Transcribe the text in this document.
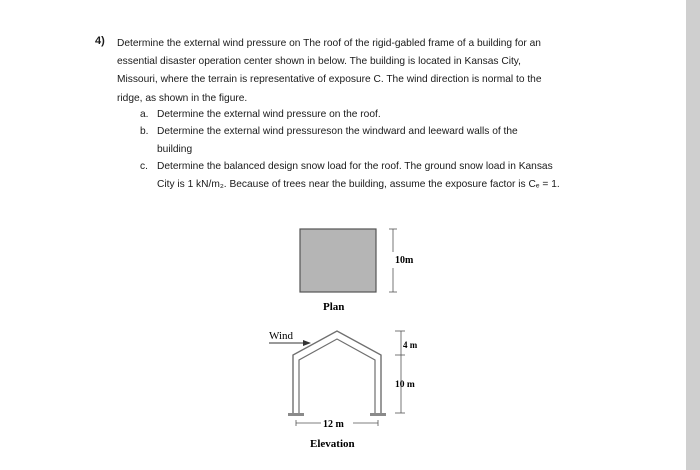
4) Determine the external wind pressure on The roof of the rigid-gabled frame of a building for an
essential disaster operation center shown in below. The building is located in Kansas City,
Missouri, where the terrain is representative of exposure C. The wind direction is normal to the
ridge, as shown in the figure.
a. Determine the external wind pressure on the roof.
b. Determine the external wind pressureson the windward and leeward walls of the
building
c. Determine the balanced design snow load for the roof. The ground snow load in Kansas
City is 1 kN/m₂. Because of trees near the building, assume the exposure factor is Cₑ = 1.
10m
Plan
Wind
4 m
10 m
12 m
Elevation
